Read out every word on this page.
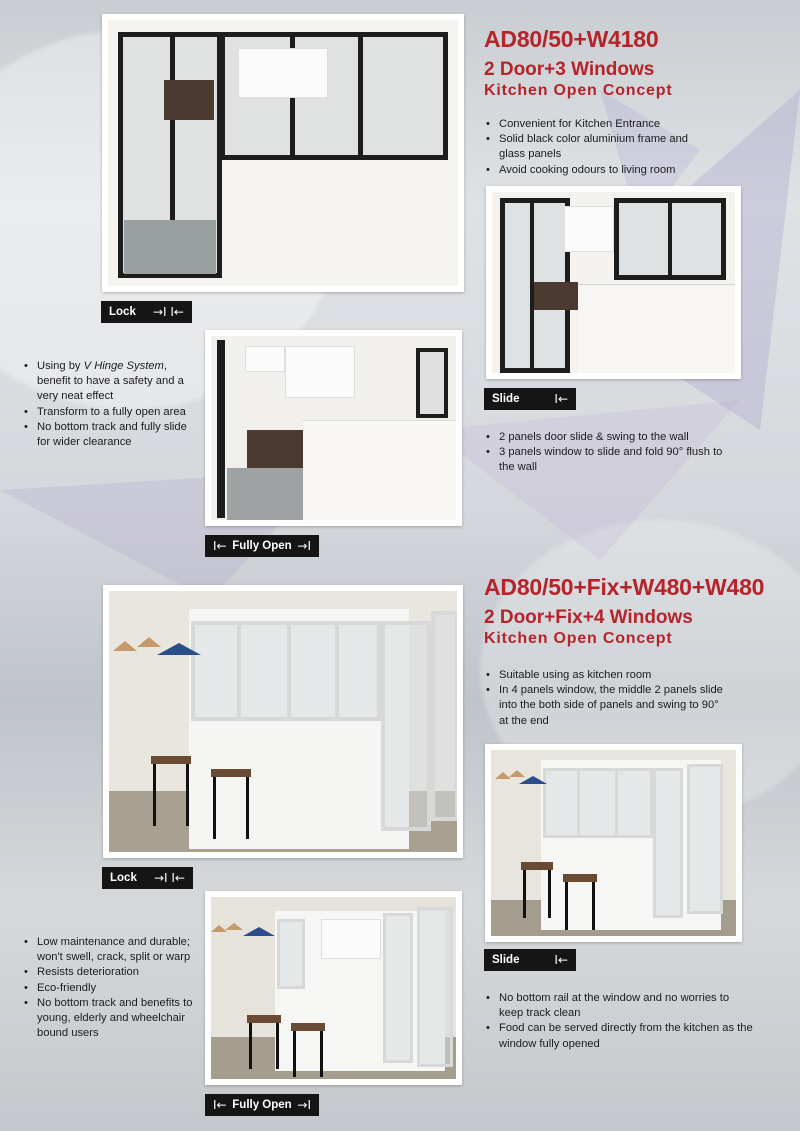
AD80/50+W4180
2 Door+3 Windows
Kitchen Open Concept
• Convenient for Kitchen Entrance
• Solid black color aluminium frame and glass panels
• Avoid cooking odours to living room
Lock →I I←
Slide	I←
• 2 panels door slide & swing to the wall
• 3 panels window to slide and fold 90° flush to the wall
I← Fully Open →I
• Using by V Hinge System, benefit to have a safety and a very neat effect
• Transform to a fully open area
• No bottom track and fully slide for wider clearance
AD80/50+Fix+W480+W480
2 Door+Fix+4 Windows
Kitchen Open Concept
• Suitable using as kitchen room
• In 4 panels window, the middle 2 panels slide into the both side of panels and swing to 90° at the end
Lock →I I←
Slide	I←
• No bottom rail at the window and no worries to keep track clean
• Food can be served directly from the kitchen as the window fully opened
I← Fully Open →I
• Low maintenance and durable; won't swell, crack, split or warp
• Resists deterioration
• Eco-friendly
• No bottom track and benefits to young, elderly and wheelchair bound users
